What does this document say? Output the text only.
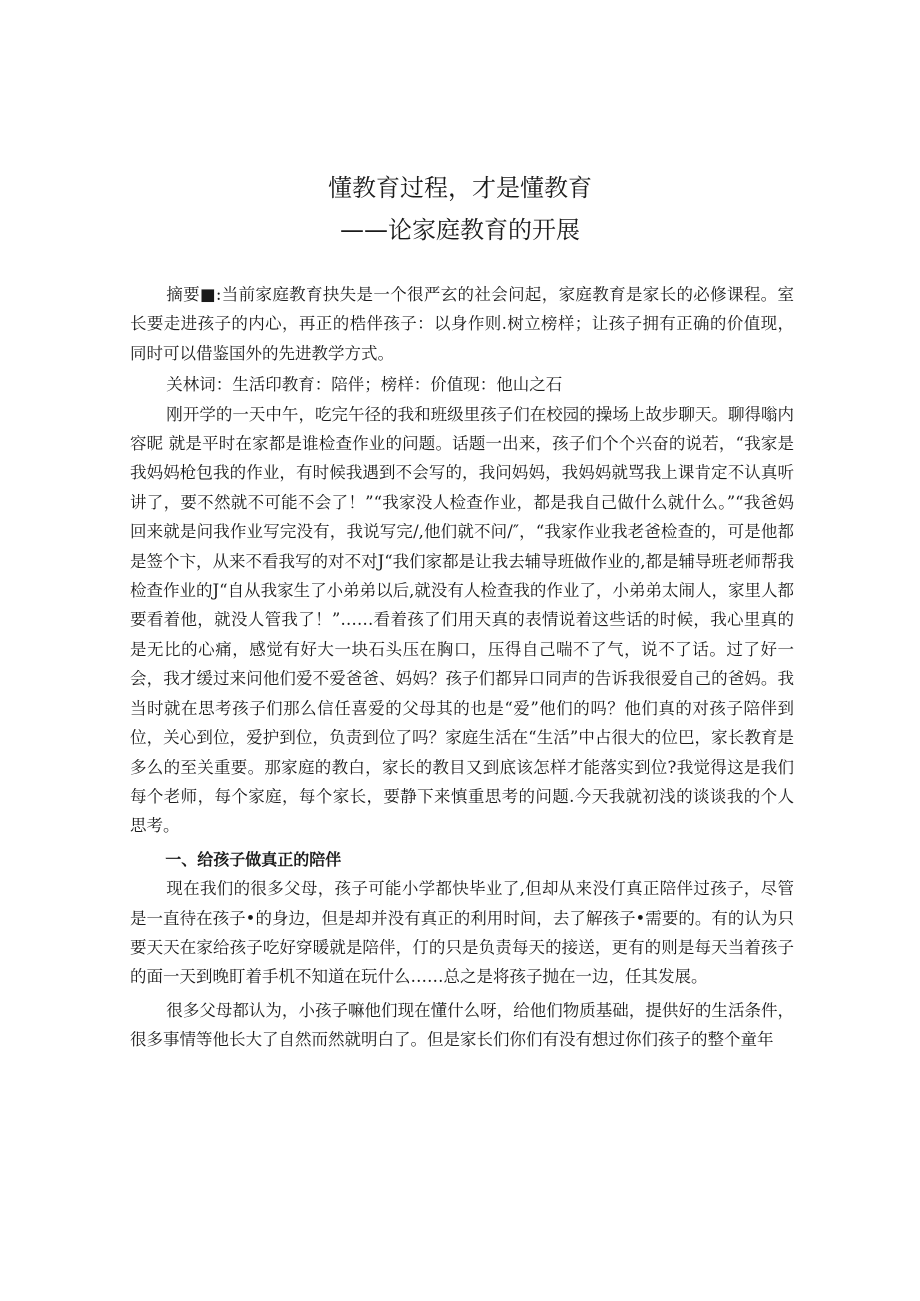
懂教育过程，才是懂教育
——论家庭教育的开展

摘要■:当前家庭教育抉失是一个很严玄的社会问起，家庭教育是家长的必修课程。室长要走进孩子的内心，再正的梏伴孩子：以身作则.树立榜样；让孩子拥有正确的价值现，同时可以借鉴国外的先进教学方式。

关林词：生活印教育：陪伴；榜样：价值现：他山之石

刚开学的一天中午，吃完午径的我和班级里孩子们在校园的操场上故步聊天。聊得嗡内容昵 就是平时在家都是谁检查作业的问题。话题一出来，孩子们个个兴奋的说若，“我家是我妈妈枪包我的作业，有时候我遇到不会写的，我问妈妈，我妈妈就骂我上课肯定不认真听讲了，要不然就不可能不会了！”“我家没人检查作业，都是我自己做什么就什么。”“我爸妈回来就是问我作业写完没有，我说写完/,他们就不问/″，“我家作业我老爸检查的，可是他都是签个卞，从来不看我写的对不对J“我们家都是让我去辅导班做作业的,都是辅导班老师帮我检查作业的J“自从我家生了小弟弟以后,就没有人检查我的作业了，小弟弟太闹人，家里人都要看着他，就没人管我了！”……看着孩了们用天真的表情说着这些话的时候，我心里真的是无比的心痛，感觉有好大一块石头压在胸口，压得自己喘不了气，说不了话。过了好一会，我才缓过来问他们爱不爱爸爸、妈妈？孩子们都异口同声的告诉我很爱自己的爸妈。我当时就在思考孩子们那么信任喜爱的父母其的也是“爱”他们的吗？他们真的对孩子陪伴到位，关心到位，爱护到位，负责到位了吗？家庭生活在“生活”中占很大的位巴，家长教育是多么的至关重要。那家庭的教白，家长的教目又到底该怎样才能落实到位?我觉得这是我们每个老师，每个家庭，每个家长，要静下来慎重思考的问题.今天我就初浅的谈谈我的个人思考。

一、给孩子做真正的陪伴

现在我们的很多父母，孩子可能小学都快毕业了,但却从来没仃真正陪伴过孩子，尽管是一直待在孩子•的身边，但是却并没有真正的利用时间，去了解孩子•需要的。有的认为只要天天在家给孩子吃好穿暖就是陪伴，仃的只是负责每天的接送，更有的则是每天当着孩子的面一天到晚盯着手机不知道在玩什么……总之是将孩子抛在一边，任其发展。

很多父母都认为，小孩子嘛他们现在懂什么呀，给他们物质基础，提供好的生活条件，很多事情等他长大了自然而然就明白了。但是家长们你们有没有想过你们孩子的整个童年
